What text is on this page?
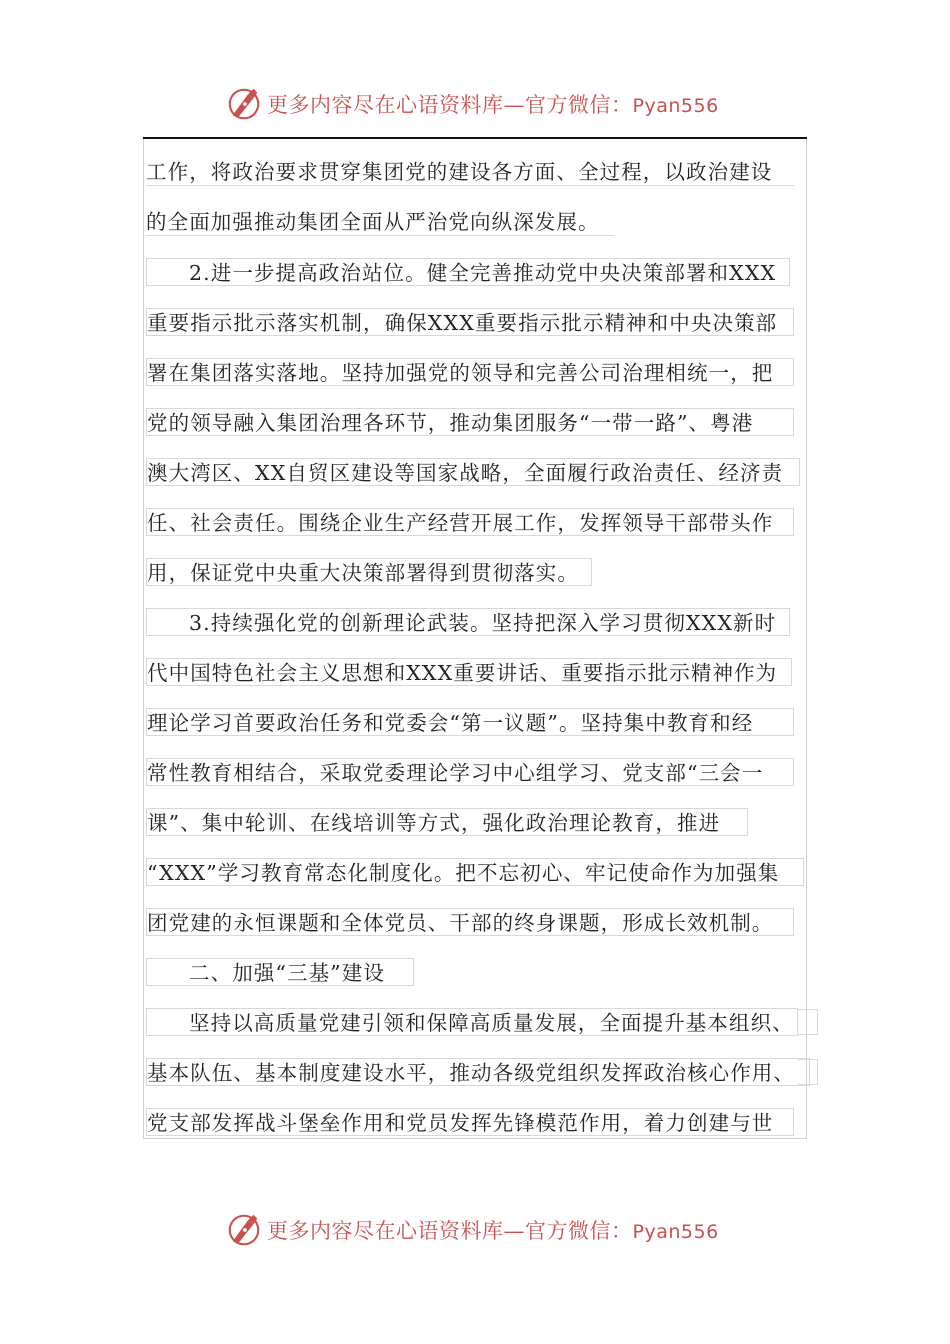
更多内容尽在心语资料库—官方微信：Pyan556
工作，将政治要求贯穿集团党的建设各方面、全过程，以政治建设
的全面加强推动集团全面从严治党向纵深发展。
2.进一步提高政治站位。健全完善推动党中央决策部署和XXX
重要指示批示落实机制，确保XXX重要指示批示精神和中央决策部
署在集团落实落地。坚持加强党的领导和完善公司治理相统一，把
党的领导融入集团治理各环节，推动集团服务“一带一路”、粤港
澳大湾区、XX自贸区建设等国家战略，全面履行政治责任、经济责
任、社会责任。围绕企业生产经营开展工作，发挥领导干部带头作
用，保证党中央重大决策部署得到贯彻落实。
3.持续强化党的创新理论武装。坚持把深入学习贯彻XXX新时
代中国特色社会主义思想和XXX重要讲话、重要指示批示精神作为
理论学习首要政治任务和党委会“第一议题”。坚持集中教育和经
常性教育相结合，采取党委理论学习中心组学习、党支部“三会一
课”、集中轮训、在线培训等方式，强化政治理论教育，推进
“XXX”学习教育常态化制度化。把不忘初心、牢记使命作为加强集
团党建的永恒课题和全体党员、干部的终身课题，形成长效机制。
二、加强“三基”建设
坚持以高质量党建引领和保障高质量发展，全面提升基本组织、
基本队伍、基本制度建设水平，推动各级党组织发挥政治核心作用、
党支部发挥战斗堡垒作用和党员发挥先锋模范作用，着力创建与世
更多内容尽在心语资料库—官方微信：Pyan556
